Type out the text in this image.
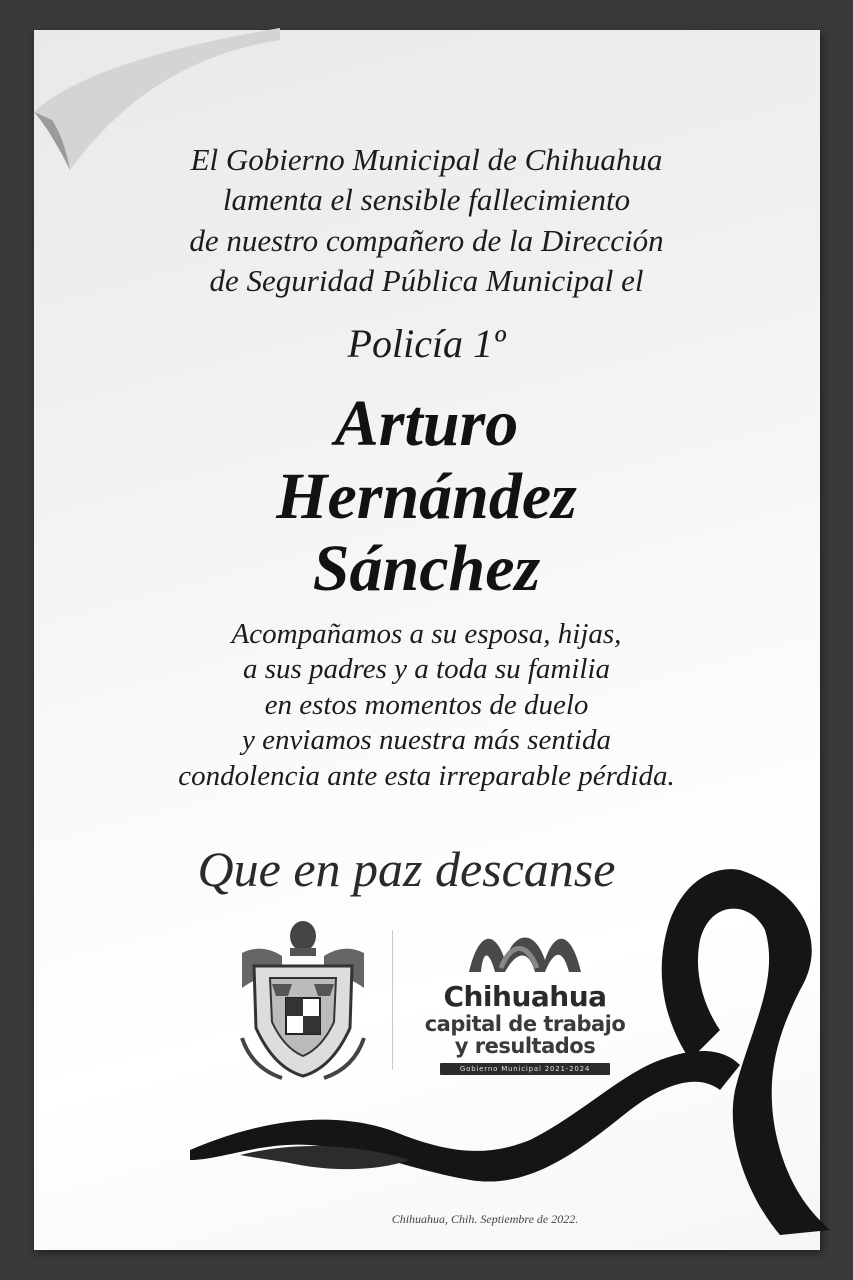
El Gobierno Municipal de Chihuahua
lamenta el sensible fallecimiento
de nuestro compañero de la Dirección
de Seguridad Pública Municipal el
Policía 1º
Arturo
Hernández
Sánchez
Acompañamos a su esposa, hijas,
a sus padres y a toda su familia
en estos momentos de duelo
y enviamos nuestra más sentida
condolencia ante esta irreparable pérdida.
Que en paz descanse
Chihuahua
capital de trabajo
y resultados
Gobierno Municipal 2021-2024
Chihuahua, Chih. Septiembre de 2022.
